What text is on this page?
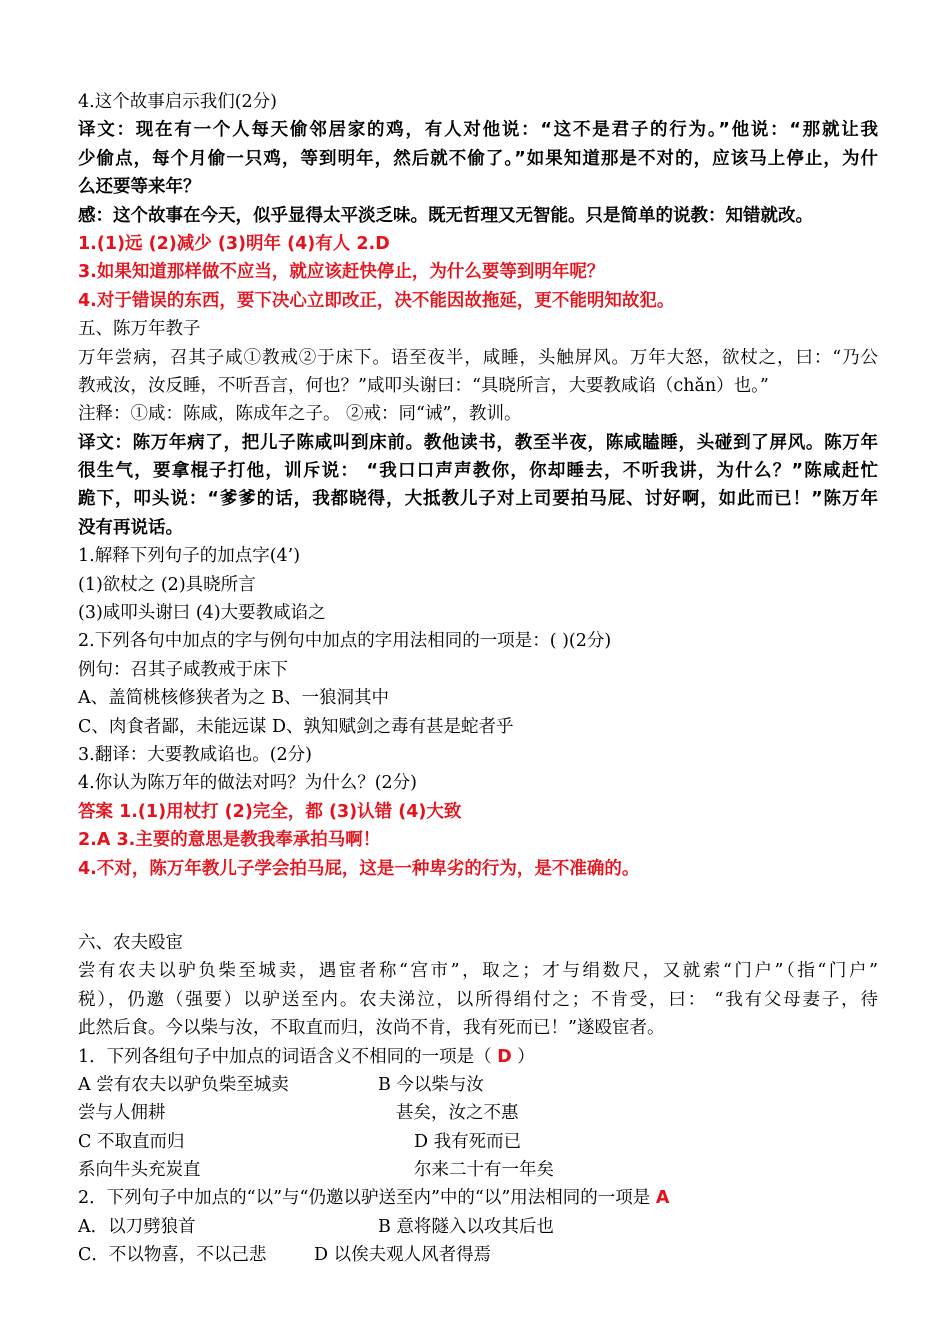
4.这个故事启示我们(2分)
译文：现在有一个人每天偷邻居家的鸡，有人对他说：“这不是君子的行为。”他说：“那就让我
少偷点，每个月偷一只鸡，等到明年，然后就不偷了。”如果知道那是不对的，应该马上停止，为什
么还要等来年？
感：这个故事在今天，似乎显得太平淡乏味。既无哲理又无智能。只是简单的说教：知错就改。
1.(1)远 (2)减少 (3)明年 (4)有人 2.D
3.如果知道那样做不应当，就应该赶快停止，为什么要等到明年呢？
4.对于错误的东西，要下决心立即改正，决不能因故拖延，更不能明知故犯。
五、陈万年教子
万年尝病，召其子咸①教戒②于床下。语至夜半，咸睡，头触屏风。万年大怒，欲杖之，曰：“乃公
教戒汝，汝反睡，不听吾言，何也？”咸叩头谢曰：“具晓所言，大要教咸谄（chǎn）也。”
注释：①咸：陈咸，陈成年之子。 ②戒：同“诫”，教训。
译文：陈万年病了，把儿子陈咸叫到床前。教他读书，教至半夜，陈咸瞌睡，头碰到了屏风。陈万年
很生气，要拿棍子打他，训斥说： “我口口声声教你，你却睡去，不听我讲，为什么？”陈咸赶忙
跪下，叩头说：“爹爹的话，我都晓得，大抵教儿子对上司要拍马屁、讨好啊，如此而已！”陈万年
没有再说话。
1.解释下列句子的加点字(4’)
(1)欲杖之 (2)具晓所言
(3)咸叩头谢曰 (4)大要教咸谄之
2.下列各句中加点的字与例句中加点的字用法相同的一项是：( )(2分)
例句：召其子咸教戒于床下
A、盖简桃核修狭者为之 B、一狼洞其中
C、肉食者鄙，未能远谋 D、孰知赋剑之毒有甚是蛇者乎
3.翻译：大要教咸谄也。(2分)
4.你认为陈万年的做法对吗？为什么？(2分)
答案 1.(1)用杖打 (2)完全，都 (3)认错 (4)大致
2.A 3.主要的意思是教我奉承拍马啊！
4.不对，陈万年教儿子学会拍马屁，这是一种卑劣的行为，是不准确的。
六、农夫殴宦
尝有农夫以驴负柴至城卖，遇宦者称“宫市”，取之；才与绢数尺，又就索“门户”（指“门户”
税），仍邀（强要）以驴送至内。农夫涕泣，以所得绢付之；不肯受，曰： “我有父母妻子，待
此然后食。今以柴与汝，不取直而归，汝尚不肯，我有死而已！”遂殴宦者。
1．下列各组句子中加点的词语含义不相同的一项是（ D ）
A 尝有农夫以驴负柴至城卖	B 今以柴与汝
尝与人佣耕	甚矣，汝之不惠
C 不取直而归	D 我有死而已
系向牛头充炭直	尔来二十有一年矣
2．下列句子中加点的“以”与“仍邀以驴送至内”中的“以”用法相同的一项是 A
A．以刀劈狼首	B 意将隧入以攻其后也
C．不以物喜，不以己悲	D 以俟夫观人风者得焉
